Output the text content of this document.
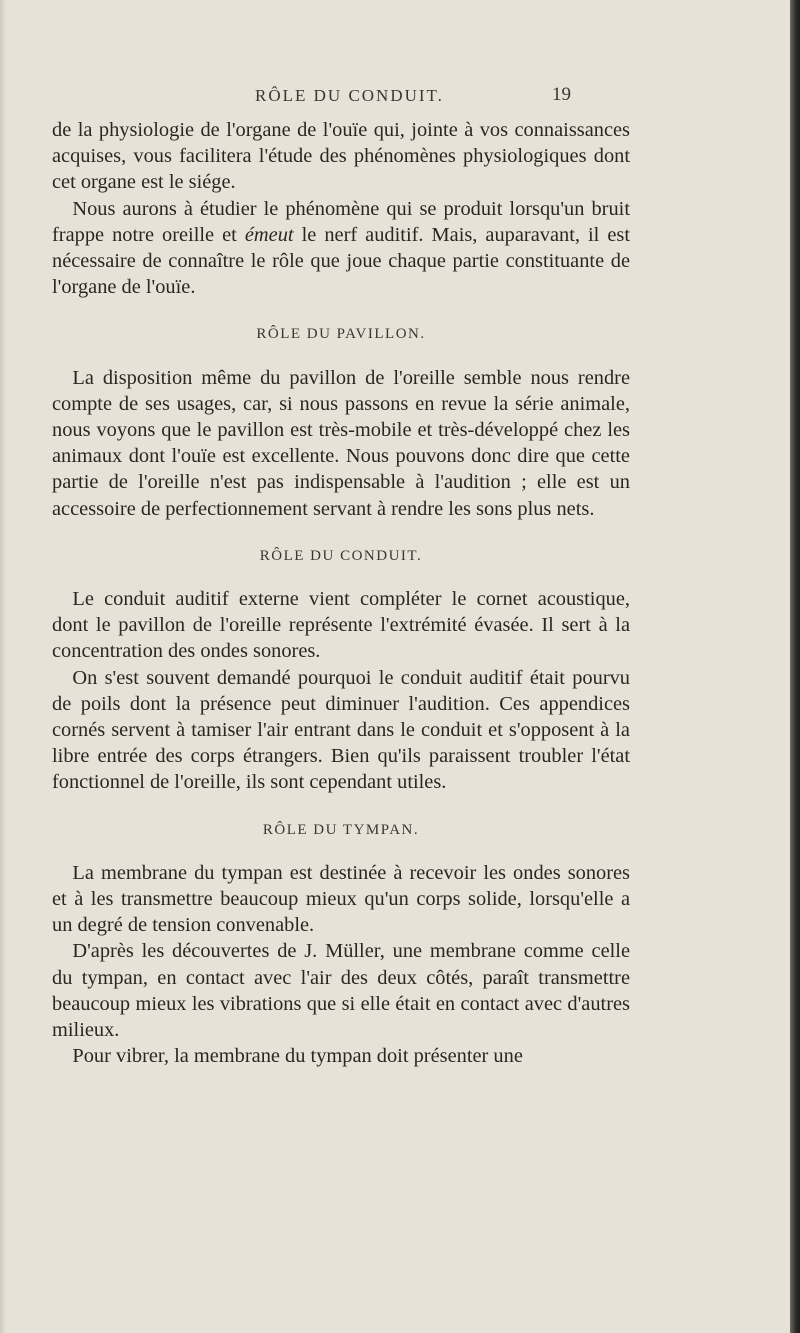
RÔLE DU CONDUIT.	19

de la physiologie de l'organe de l'ouïe qui, jointe à vos connaissances acquises, vous facilitera l'étude des phénomènes physiologiques dont cet organe est le siége.

Nous aurons à étudier le phénomène qui se produit lorsqu'un bruit frappe notre oreille et émeut le nerf auditif. Mais, auparavant, il est nécessaire de connaître le rôle que joue chaque partie constituante de l'organe de l'ouïe.

RÔLE DU PAVILLON.

La disposition même du pavillon de l'oreille semble nous rendre compte de ses usages, car, si nous passons en revue la série animale, nous voyons que le pavillon est très-mobile et très-développé chez les animaux dont l'ouïe est excellente. Nous pouvons donc dire que cette partie de l'oreille n'est pas indispensable à l'audition ; elle est un accessoire de perfectionnement servant à rendre les sons plus nets.

RÔLE DU CONDUIT.

Le conduit auditif externe vient compléter le cornet acoustique, dont le pavillon de l'oreille représente l'extrémité évasée. Il sert à la concentration des ondes sonores.

On s'est souvent demandé pourquoi le conduit auditif était pourvu de poils dont la présence peut diminuer l'audition. Ces appendices cornés servent à tamiser l'air entrant dans le conduit et s'opposent à la libre entrée des corps étrangers. Bien qu'ils paraissent troubler l'état fonctionnel de l'oreille, ils sont cependant utiles.

RÔLE DU TYMPAN.

La membrane du tympan est destinée à recevoir les ondes sonores et à les transmettre beaucoup mieux qu'un corps solide, lorsqu'elle a un degré de tension convenable.

D'après les découvertes de J. Müller, une membrane comme celle du tympan, en contact avec l'air des deux côtés, paraît transmettre beaucoup mieux les vibrations que si elle était en contact avec d'autres milieux.

Pour vibrer, la membrane du tympan doit présenter une
